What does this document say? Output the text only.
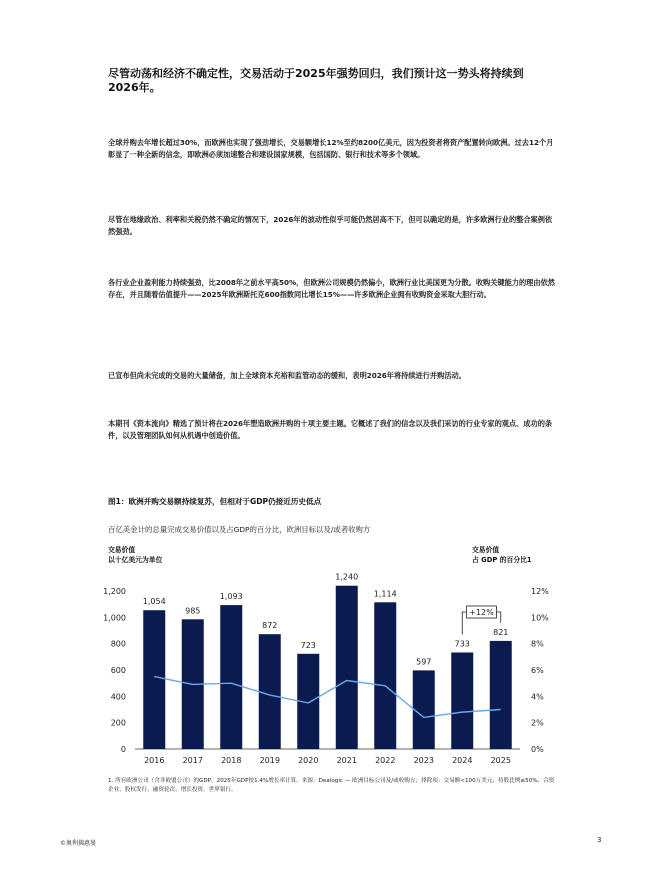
尽管动荡和经济不确定性，交易活动于2025年强势回归，我们预计这一势头将持续到2026年。
全球并购去年增长超过30%，而欧洲也实现了强劲增长，交易额增长12%至约8200亿美元，因为投资者将资产配置转向欧洲。过去12个月彰显了一种全新的信念，即欧洲必须加速整合和建设国家规模，包括国防、银行和技术等多个领域。
尽管在地缘政治、利率和关税仍然不确定的情况下，2026年的波动性似乎可能仍然居高不下，但可以确定的是，许多欧洲行业的整合案例依然强劲。
各行业企业盈利能力持续强劲，比2008年之前水平高50%，但欧洲公司规模仍然偏小，欧洲行业比美国更为分散。收购关键能力的理由依然存在，并且随着估值提升——2025年欧洲斯托克600指数同比增长15%——许多欧洲企业拥有收购资金采取大胆行动。
已宣布但尚未完成的交易的大量储备，加上全球资本充裕和监管动态的缓和，表明2026年将持续进行并购活动。
本期刊《资本流向》精选了预计将在2026年塑造欧洲并购的十项主要主题。它概述了我们的信念以及我们采访的行业专家的观点、成功的条件，以及管理团队如何从机遇中创造价值。
图1：欧洲并购交易额持续复苏，但相对于GDP仍接近历史低点
百亿美金计的总量完成交易价值以及占GDP的百分比，欧洲目标以及/或者收购方
交易价值
以十亿美元为单位
交易价值
占 GDP 的百分比1
0
200
400
600
800
1,000
1,200
0%
2%
4%
6%
8%
10%
12%
1,054
2016
985
2017
1,093
2018
872
2019
723
2020
1,240
2021
1,114
2022
597
2023
733
2024
821
2025
+12%
1. 所有欧洲公司（含非欧盟公司）的GDP，2025年GDP按1.4%增长率计算。来源：Dealogic — 欧洲目标公司及/或收购方；排除项：交易额<100万美元、持股比例≤50%、合资企业、股权发行、融资轮次、增长投资。世界银行。
©奥利佛惠曼	3
